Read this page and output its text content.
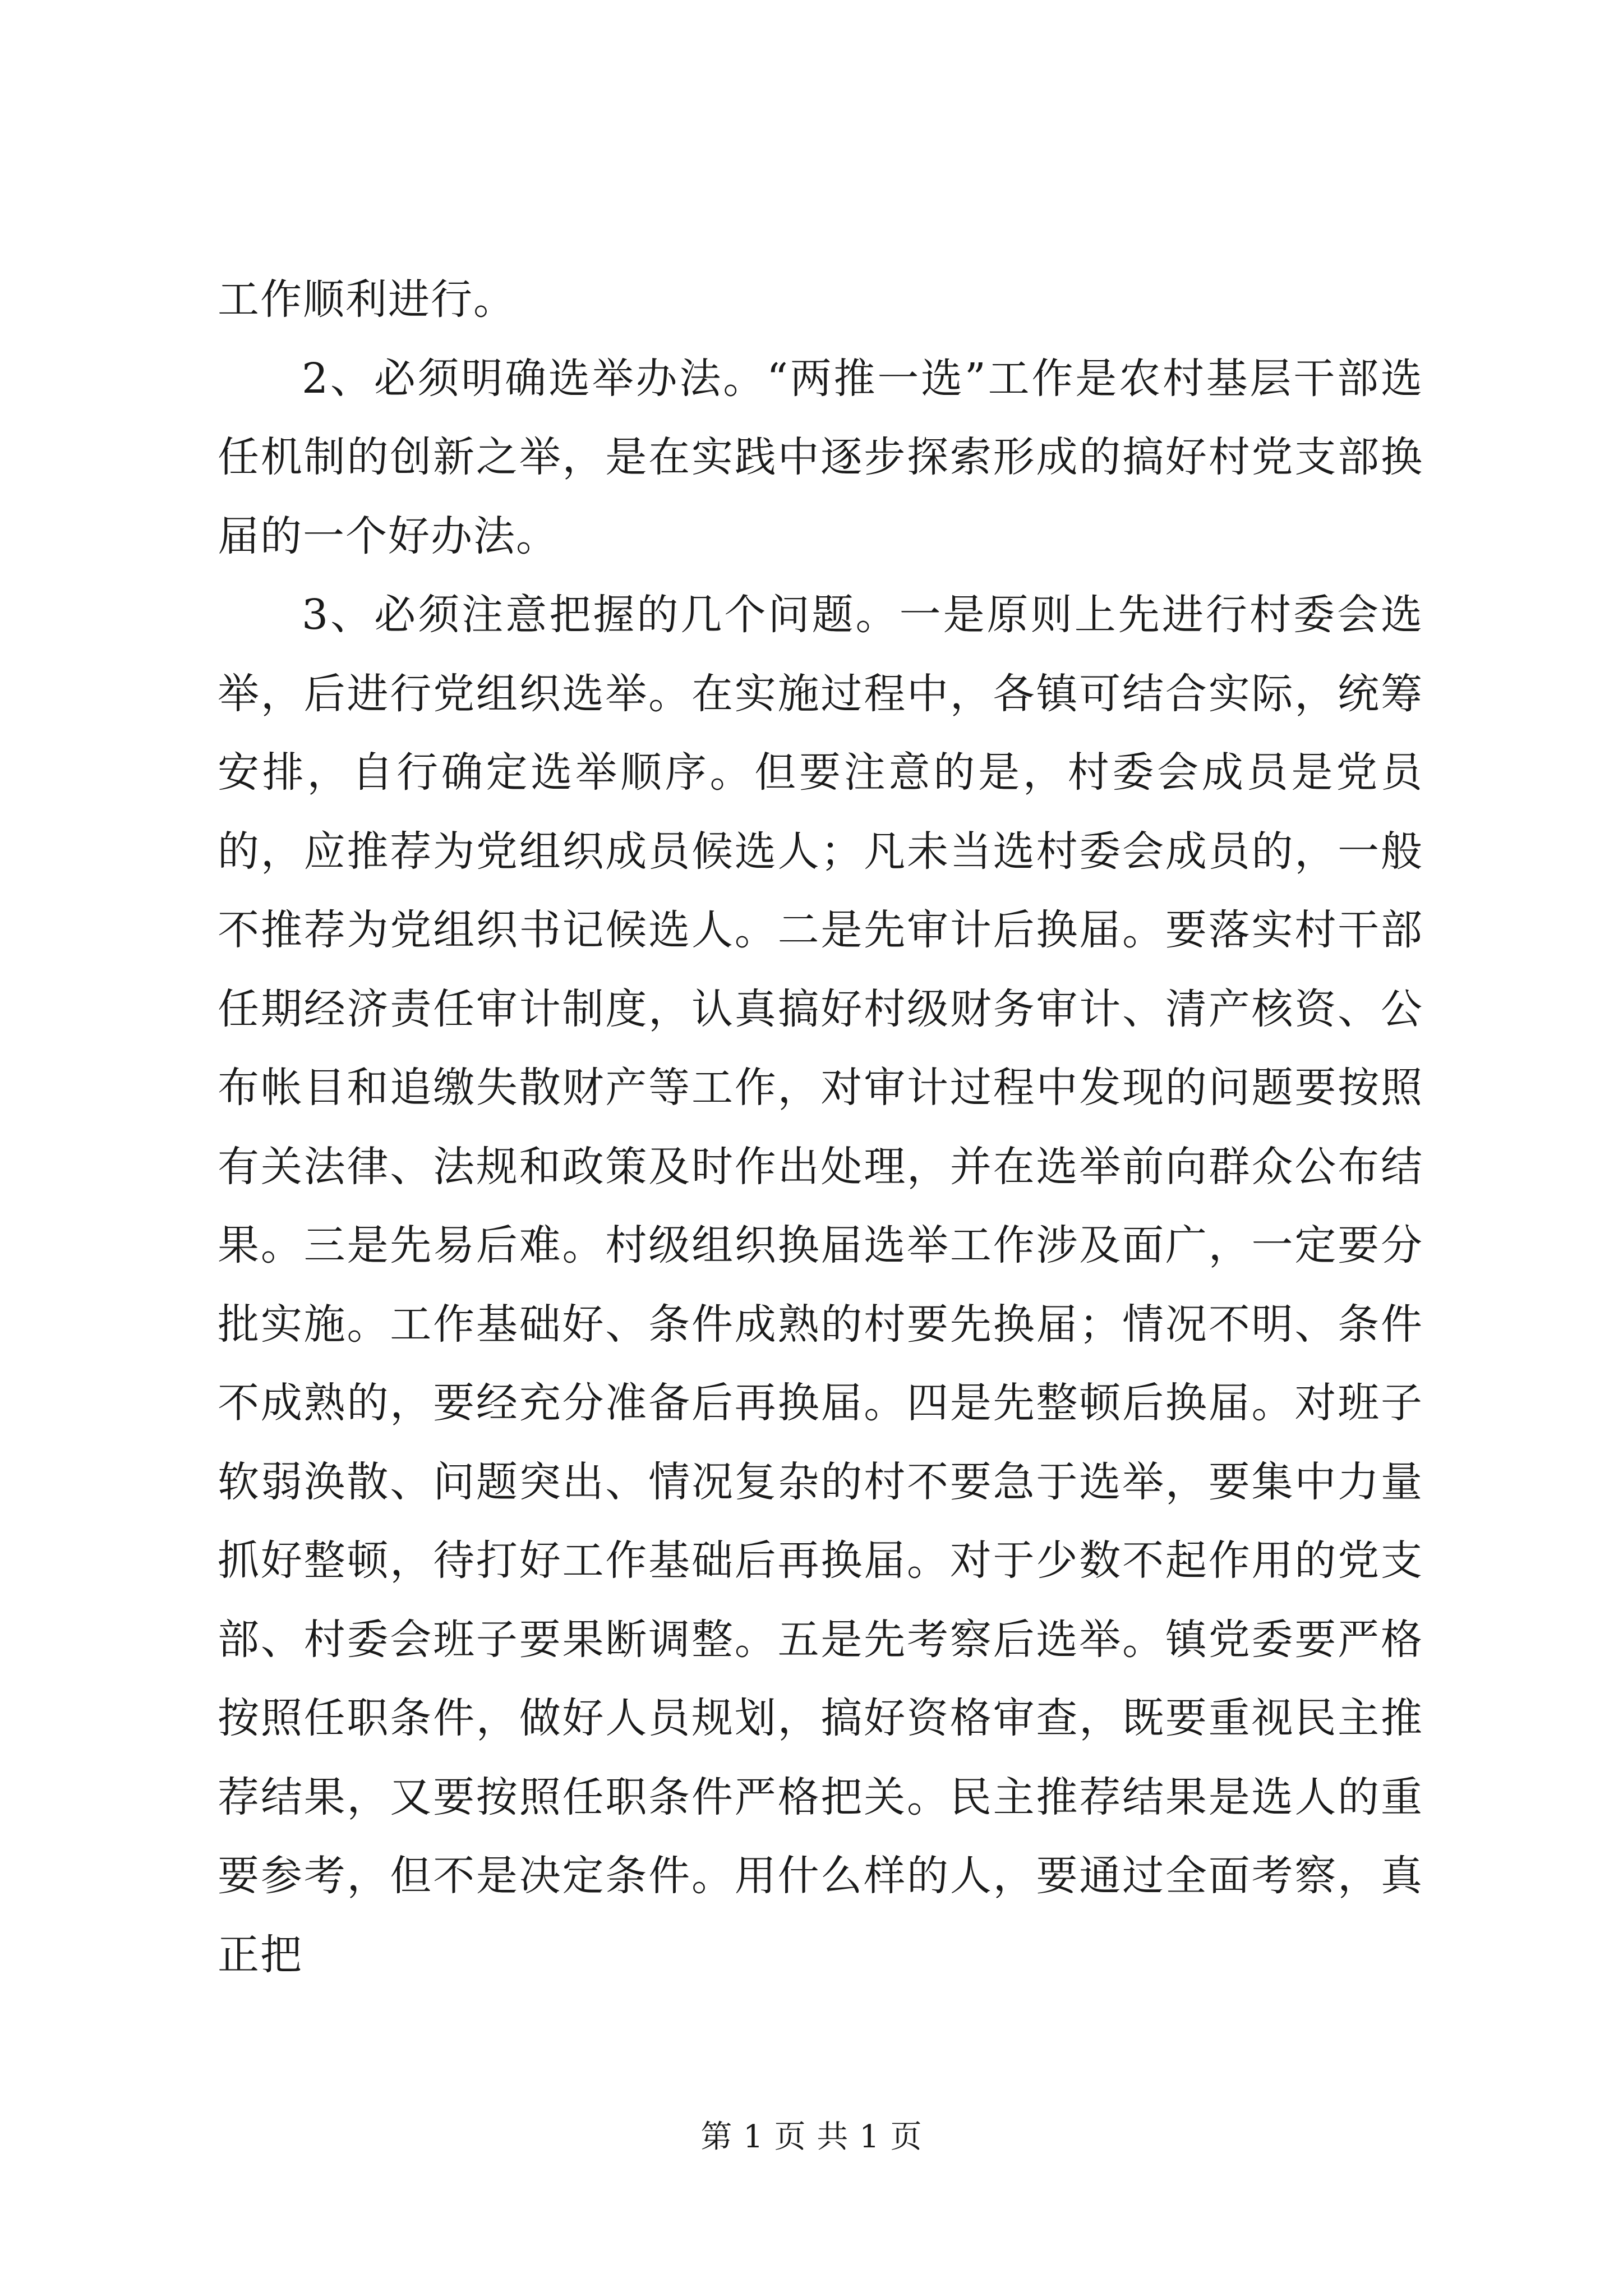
工作顺利进行。

2、必须明确选举办法。“两推一选”工作是农村基层干部选任机制的创新之举，是在实践中逐步探索形成的搞好村党支部换届的一个好办法。

3、必须注意把握的几个问题。一是原则上先进行村委会选举，后进行党组织选举。在实施过程中，各镇可结合实际，统筹安排，自行确定选举顺序。但要注意的是，村委会成员是党员的，应推荐为党组织成员候选人；凡未当选村委会成员的，一般不推荐为党组织书记候选人。二是先审计后换届。要落实村干部任期经济责任审计制度，认真搞好村级财务审计、清产核资、公布帐目和追缴失散财产等工作，对审计过程中发现的问题要按照有关法律、法规和政策及时作出处理，并在选举前向群众公布结果。三是先易后难。村级组织换届选举工作涉及面广，一定要分批实施。工作基础好、条件成熟的村要先换届；情况不明、条件不成熟的，要经充分准备后再换届。四是先整顿后换届。对班子软弱涣散、问题突出、情况复杂的村不要急于选举，要集中力量抓好整顿，待打好工作基础后再换届。对于少数不起作用的党支部、村委会班子要果断调整。五是先考察后选举。镇党委要严格按照任职条件，做好人员规划，搞好资格审查，既要重视民主推荐结果，又要按照任职条件严格把关。民主推荐结果是选人的重要参考，但不是决定条件。用什么样的人，要通过全面考察，真正把

第 1 页 共 1 页
